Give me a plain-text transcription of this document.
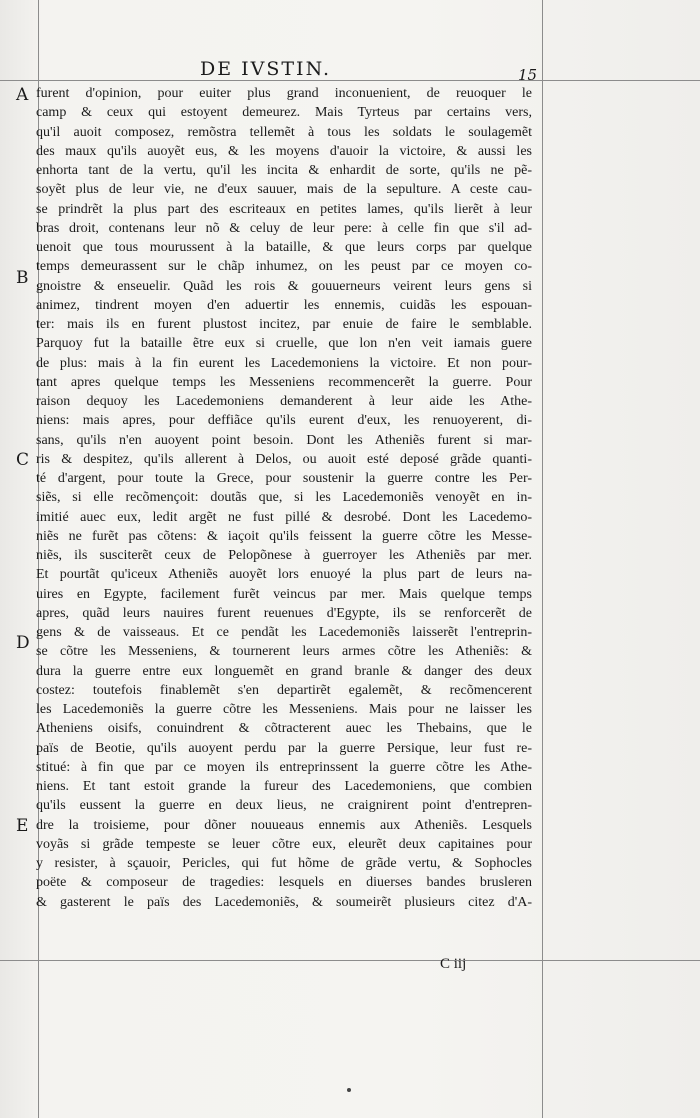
DE IVSTIN.	15
A
B
C
D
E
furent d'opinion, pour euiter plus grand inconuenient, de reuoquer le
camp & ceux qui estoyent demeurez. Mais Tyrteus par certains vers,
qu'il auoit composez, remõstra tellemẽt à tous les soldats le soulagemẽt
des maux qu'ils auoyẽt eus, & les moyens d'auoir la victoire, & aussi les
enhorta tant de la vertu, qu'il les incita & enhardit de sorte, qu'ils ne pẽ-
soyẽt plus de leur vie, ne d'eux sauuer, mais de la sepulture. A ceste cau-
se prindrẽt la plus part des escriteaux en petites lames, qu'ils lierẽt à leur
bras droit, contenans leur nõ & celuy de leur pere: à celle fin que s'il ad-
uenoit que tous mourussent à la bataille, & que leurs corps par quelque
temps demeurassent sur le chãp inhumez, on les peust par ce moyen co-
gnoistre & enseuelir. Quãd les rois & gouuerneurs veirent leurs gens si
animez, tindrent moyen d'en aduertir les ennemis, cuidãs les espouan-
ter: mais ils en furent plustost incitez, par enuie de faire le semblable.
Parquoy fut la bataille ẽtre eux si cruelle, que lon n'en veit iamais guere
de plus: mais à la fin eurent les Lacedemoniens la victoire. Et non pour-
tant apres quelque temps les Messeniens recommencerẽt la guerre. Pour
raison dequoy les Lacedemoniens demanderent à leur aide les Athe-
niens: mais apres, pour deffiãce qu'ils eurent d'eux, les renuoyerent, di-
sans, qu'ils n'en auoyent point besoin. Dont les Atheniẽs furent si mar-
ris & despitez, qu'ils allerent à Delos, ou auoit esté deposé grãde quanti-
té d'argent, pour toute la Grece, pour soustenir la guerre contre les Per-
siẽs, si elle recõmençoit: doutãs que, si les Lacedemoniẽs venoyẽt en in-
imitié auec eux, ledit argẽt ne fust pillé & desrobé. Dont les Lacedemo-
niẽs ne furẽt pas cõtens: & iaçoit qu'ils feissent la guerre cõtre les Messe-
niẽs, ils susciterẽt ceux de Pelopõnese à guerroyer les Atheniẽs par mer.
Et pourtãt qu'iceux Atheniẽs auoyẽt lors enuoyé la plus part de leurs na-
uires en Egypte, facilement furẽt veincus par mer. Mais quelque temps
apres, quãd leurs nauires furent reuenues d'Egypte, ils se renforcerẽt de
gens & de vaisseaus. Et ce pendãt les Lacedemoniẽs laisserẽt l'entreprin-
se cõtre les Messeniens, & tournerent leurs armes cõtre les Atheniẽs: &
dura la guerre entre eux longuemẽt en grand branle & danger des deux
costez: toutefois finablemẽt s'en departirẽt egalemẽt, & recõmencerent
les Lacedemoniẽs la guerre cõtre les Messeniens. Mais pour ne laisser les
Atheniens oisifs, conuindrent & cõtracterent auec les Thebains, que le
païs de Beotie, qu'ils auoyent perdu par la guerre Persique, leur fust re-
stitué: à fin que par ce moyen ils entreprinssent la guerre cõtre les Athe-
niens. Et tant estoit grande la fureur des Lacedemoniens, que combien
qu'ils eussent la guerre en deux lieus, ne craignirent point d'entrepren-
dre la troisieme, pour dõner nouueaus ennemis aux Atheniẽs. Lesquels
voyãs si grãde tempeste se leuer cõtre eux, eleurẽt deux capitaines pour
y resister, à sçauoir, Pericles, qui fut hõme de grãde vertu, & Sophocles
poëte & composeur de tragedies: lesquels en diuerses bandes brusleren
& gasterent le païs des Lacedemoniẽs, & soumeirẽt plusieurs citez d'A-
C iij
